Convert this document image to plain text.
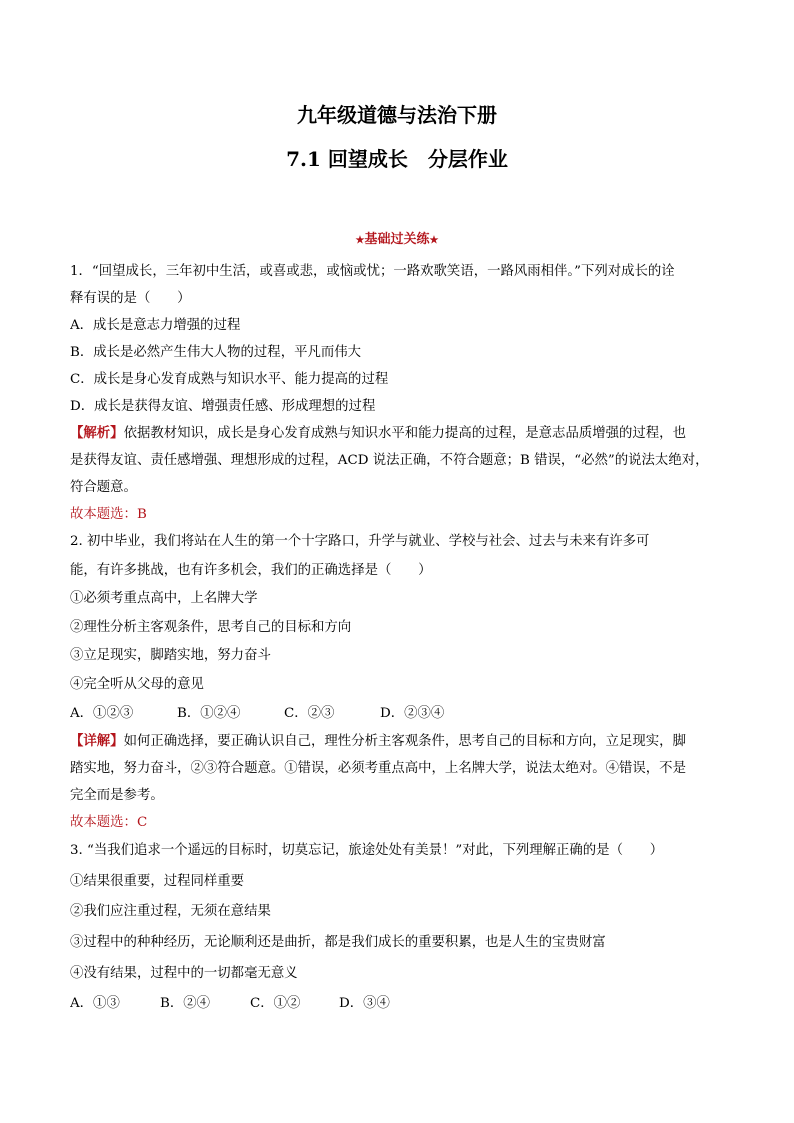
九年级道德与法治下册
7.1 回望成长　分层作业
★基础过关练★
1．“回望成长，三年初中生活，或喜或悲，或恼或忧；一路欢歌笑语，一路风雨相伴。”下列对成长的诠
释有误的是（　　）
A．成长是意志力增强的过程
B．成长是必然产生伟大人物的过程，平凡而伟大
C．成长是身心发育成熟与知识水平、能力提高的过程
D．成长是获得友谊、增强责任感、形成理想的过程
【解析】依据教材知识，成长是身心发育成熟与知识水平和能力提高的过程，是意志品质增强的过程，也
是获得友谊、责任感增强、理想形成的过程，ACD 说法正确，不符合题意；B 错误，“必然”的说法太绝对，
符合题意。
故本题选：B
2. 初中毕业，我们将站在人生的第一个十字路口，升学与就业、学校与社会、过去与未来有许多可
能，有许多挑战，也有许多机会，我们的正确选择是（　　）
①必须考重点高中，上名牌大学
②理性分析主客观条件，思考自己的目标和方向
③立足现实，脚踏实地，努力奋斗
④完全听从父母的意见
A．①②③	B．①②④	C．②③	D．②③④
【详解】如何正确选择，要正确认识自己，理性分析主客观条件，思考自己的目标和方向，立足现实，脚
踏实地，努力奋斗，②③符合题意。①错误，必须考重点高中，上名牌大学，说法太绝对。④错误，不是
完全而是参考。
故本题选：C
3. “当我们追求一个遥远的目标时，切莫忘记，旅途处处有美景！”对此，下列理解正确的是（　　）
①结果很重要，过程同样重要
②我们应注重过程，无须在意结果
③过程中的种种经历，无论顺利还是曲折，都是我们成长的重要积累，也是人生的宝贵财富
④没有结果，过程中的一切都毫无意义
A．①③	B．②④	C．①②	D．③④
